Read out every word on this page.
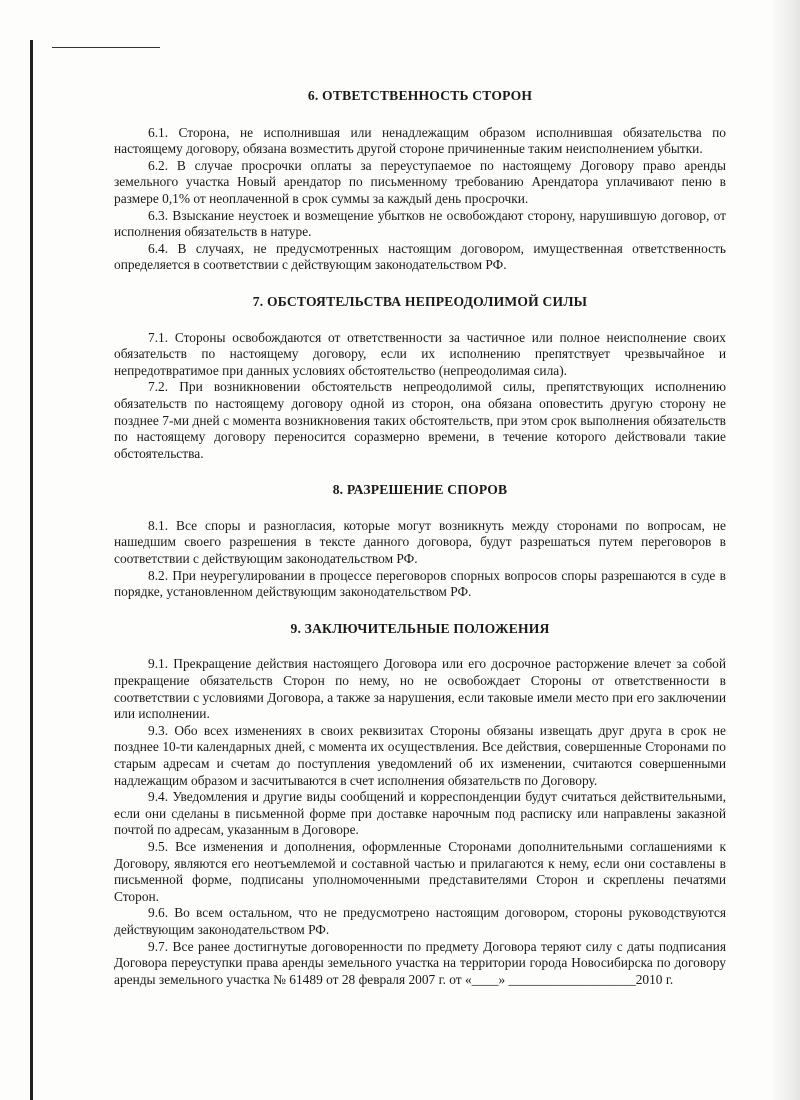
6. ОТВЕТСТВЕННОСТЬ СТОРОН

6.1. Сторона, не исполнившая или ненадлежащим образом исполнившая обязательства по настоящему договору, обязана возместить другой стороне причиненные таким неисполнением убытки.

6.2. В случае просрочки оплаты за переуступаемое по настоящему Договору право аренды земельного участка Новый арендатор по письменному требованию Арендатора уплачивают пеню в размере 0,1% от неоплаченной в срок суммы за каждый день просрочки.

6.3. Взыскание неустоек и возмещение убытков не освобождают сторону, нарушившую договор, от исполнения обязательств в натуре.

6.4. В случаях, не предусмотренных настоящим договором, имущественная ответственность определяется в соответствии с действующим законодательством РФ.

7. ОБСТОЯТЕЛЬСТВА НЕПРЕОДОЛИМОЙ СИЛЫ

7.1. Стороны освобождаются от ответственности за частичное или полное неисполнение своих обязательств по настоящему договору, если их исполнению препятствует чрезвычайное и непредотвратимое при данных условиях обстоятельство (непреодолимая сила).

7.2. При возникновении обстоятельств непреодолимой силы, препятствующих исполнению обязательств по настоящему договору одной из сторон, она обязана оповестить другую сторону не позднее 7-ми дней с момента возникновения таких обстоятельств, при этом срок выполнения обязательств по настоящему договору переносится соразмерно времени, в течение которого действовали такие обстоятельства.

8. РАЗРЕШЕНИЕ СПОРОВ

8.1. Все споры и разногласия, которые могут возникнуть между сторонами по вопросам, не нашедшим своего разрешения в тексте данного договора, будут разрешаться путем переговоров в соответствии с действующим законодательством РФ.

8.2. При неурегулировании в процессе переговоров спорных вопросов споры разрешаются в суде в порядке, установленном действующим законодательством РФ.

9. ЗАКЛЮЧИТЕЛЬНЫЕ ПОЛОЖЕНИЯ

9.1. Прекращение действия настоящего Договора или его досрочное расторжение влечет за собой прекращение обязательств Сторон по нему, но не освобождает Стороны от ответственности в соответствии с условиями Договора, а также за нарушения, если таковые имели место при его заключении или исполнении.

9.3. Обо всех изменениях в своих реквизитах Стороны обязаны извещать друг друга в срок не позднее 10-ти календарных дней, с момента их осуществления. Все действия, совершенные Сторонами по старым адресам и счетам до поступления уведомлений об их изменении, считаются совершенными надлежащим образом и засчитываются в счет исполнения обязательств по Договору.

9.4. Уведомления и другие виды сообщений и корреспонденции будут считаться действительными, если они сделаны в письменной форме при доставке нарочным под расписку или направлены заказной почтой по адресам, указанным в Договоре.

9.5. Все изменения и дополнения, оформленные Сторонами дополнительными соглашениями к Договору, являются его неотъемлемой и составной частью и прилагаются к нему, если они составлены в письменной форме, подписаны уполномоченными представителями Сторон и скреплены печатями Сторон.

9.6. Во всем остальном, что не предусмотрено настоящим договором, стороны руководствуются действующим законодательством РФ.

9.7. Все ранее достигнутые договоренности по предмету Договора теряют силу с даты подписания Договора переуступки права аренды земельного участка на территории города Новосибирска по договору аренды земельного участка № 61489 от 28 февраля 2007 г. от «____» ___________________2010 г.
